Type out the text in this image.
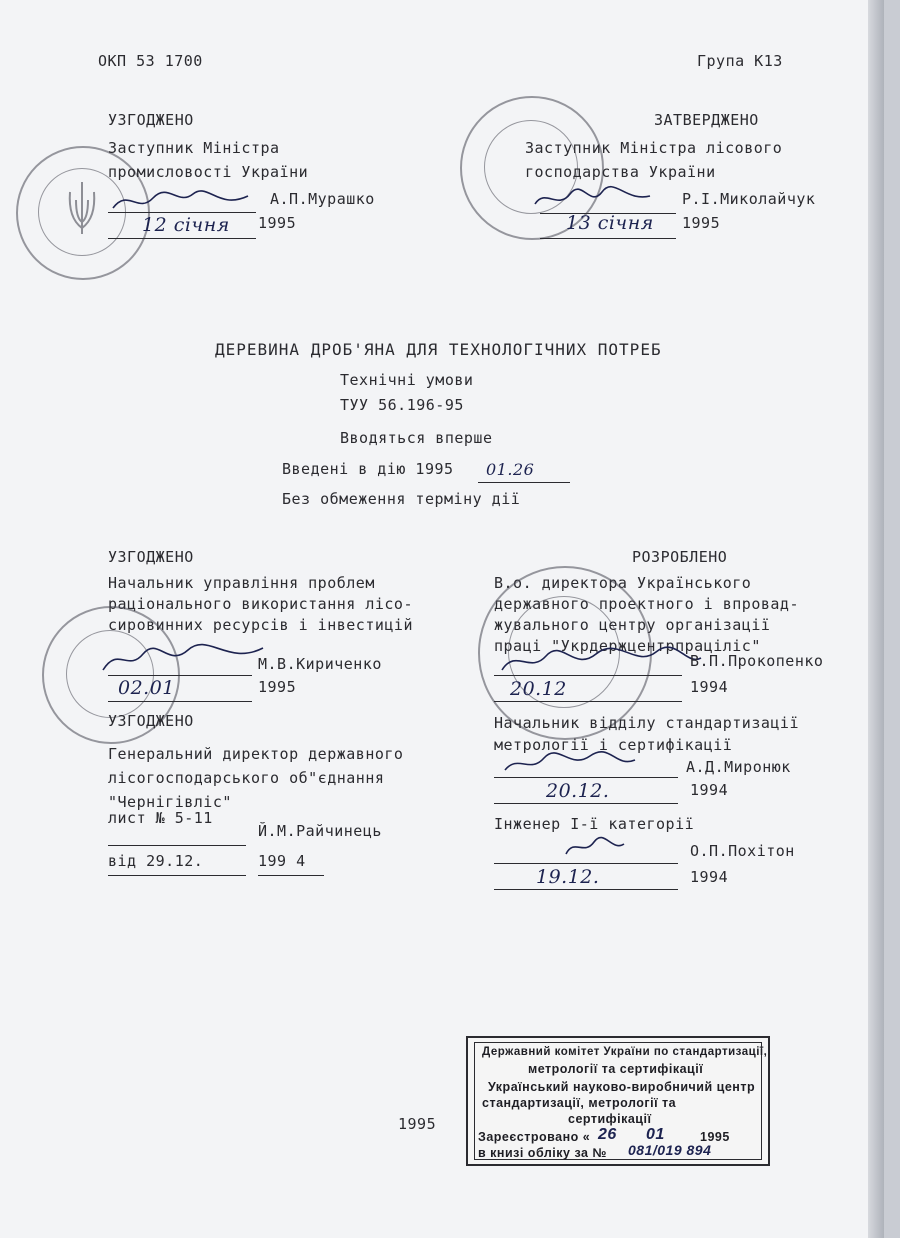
ОКП 53 1700	Група К13
УЗГОДЖЕНО
Заступник Міністра
промисловості України
А.П.Мурашко
12 січня 1995
ЗАТВЕРДЖЕНО
Заступник Міністра лісового
господарства України
Р.І.Миколайчук
13 січня 1995
ДЕРЕВИНА ДРОБ'ЯНА ДЛЯ ТЕХНОЛОГІЧНИХ ПОТРЕБ
Технічні умови
ТУУ 56.196-95
Вводяться вперше
Введені в дію 1995 01.26
Без обмеження терміну дії
УЗГОДЖЕНО
Начальник управління проблем
раціонального використання лісо-
сировинних ресурсів і інвестицій
М.В.Кириченко
02.01	1995
УЗГОДЖЕНО
Генеральний директор державного
лісогосподарського об"єднання
"Чернігівліс"
лист № 5-11
Й.М.Райчинець
від 29.12.	199 4
РОЗРОБЛЕНО
В.о. директора Українського
державного проектного і впровад-
жувального центру організації
праці "Укрдержцентрпраціліс"
В.П.Прокопенко
20.12	1994
Начальник відділу стандартизації
метрології і сертифікації
А.Д.Миронюк
20.12.	1994
Інженер І-ї категорії
О.П.Похітон
19.12.	1994
1995
Державний комітет України по стандартизації,
метрології та сертифікації
Український науково-виробничий центр
стандартизації, метрології та
сертифікації
Зареєстровано « 26 01	1995
в книзі обліку за № 081/019 894
